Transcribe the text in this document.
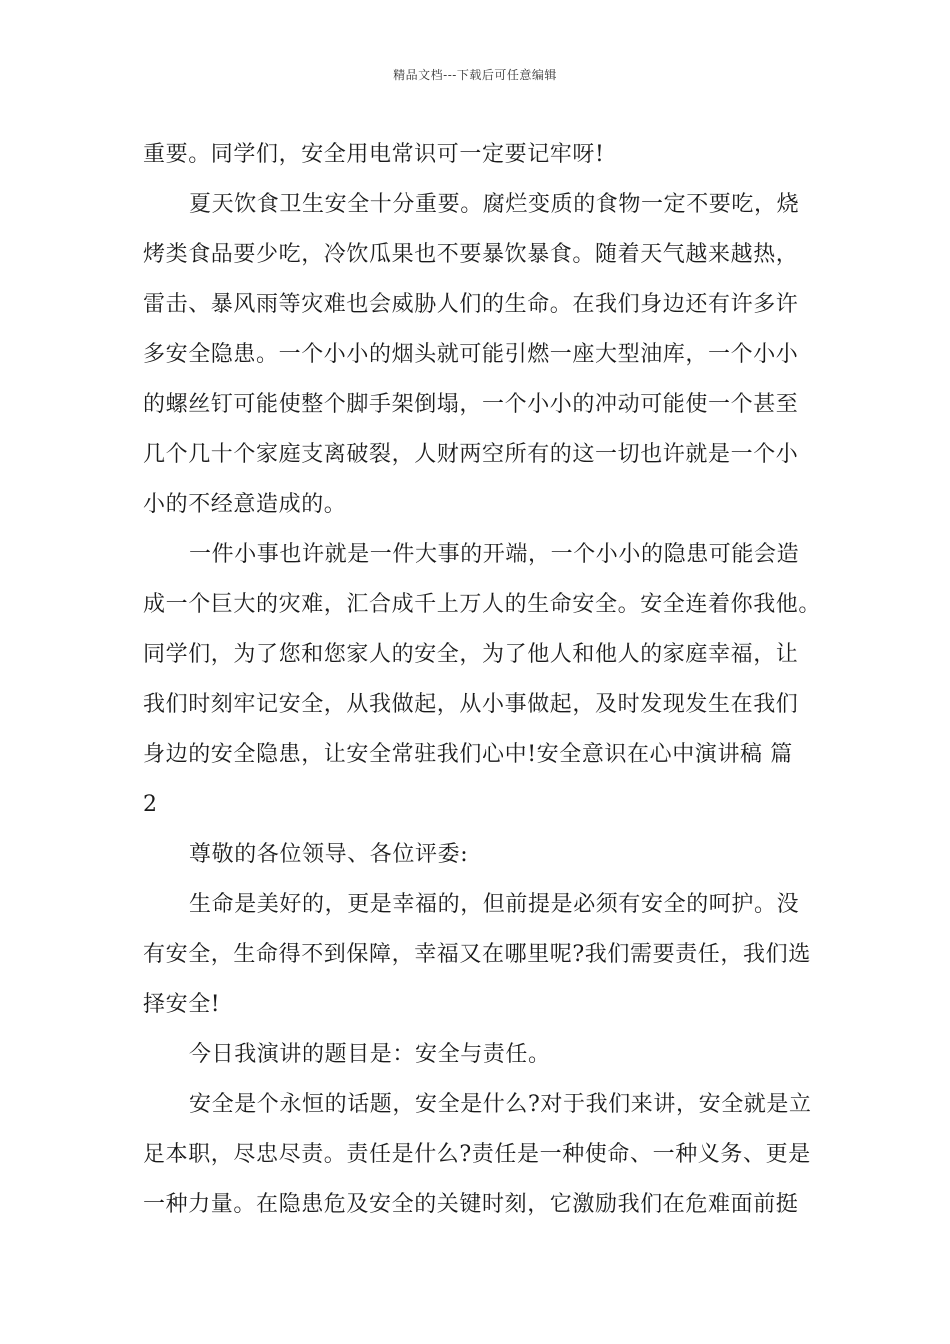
精品文档---下载后可任意编辑
重要。同学们，安全用电常识可一定要记牢呀!
夏天饮食卫生安全十分重要。腐烂变质的食物一定不要吃，烧
烤类食品要少吃，冷饮瓜果也不要暴饮暴食。随着天气越来越热，
雷击、暴风雨等灾难也会威胁人们的生命。在我们身边还有许多许
多安全隐患。一个小小的烟头就可能引燃一座大型油库，一个小小
的螺丝钉可能使整个脚手架倒塌，一个小小的冲动可能使一个甚至
几个几十个家庭支离破裂，人财两空所有的这一切也许就是一个小
小的不经意造成的。
一件小事也许就是一件大事的开端，一个小小的隐患可能会造
成一个巨大的灾难，汇合成千上万人的生命安全。安全连着你我他。
同学们，为了您和您家人的安全，为了他人和他人的家庭幸福，让
我们时刻牢记安全，从我做起，从小事做起，及时发现发生在我们
身边的安全隐患，让安全常驻我们心中!安全意识在心中演讲稿 篇
2
尊敬的各位领导、各位评委:
生命是美好的，更是幸福的，但前提是必须有安全的呵护。没
有安全，生命得不到保障，幸福又在哪里呢?我们需要责任，我们选
择安全!
今日我演讲的题目是：安全与责任。
安全是个永恒的话题，安全是什么?对于我们来讲，安全就是立
足本职，尽忠尽责。责任是什么?责任是一种使命、一种义务、更是
一种力量。在隐患危及安全的关键时刻，它激励我们在危难面前挺
